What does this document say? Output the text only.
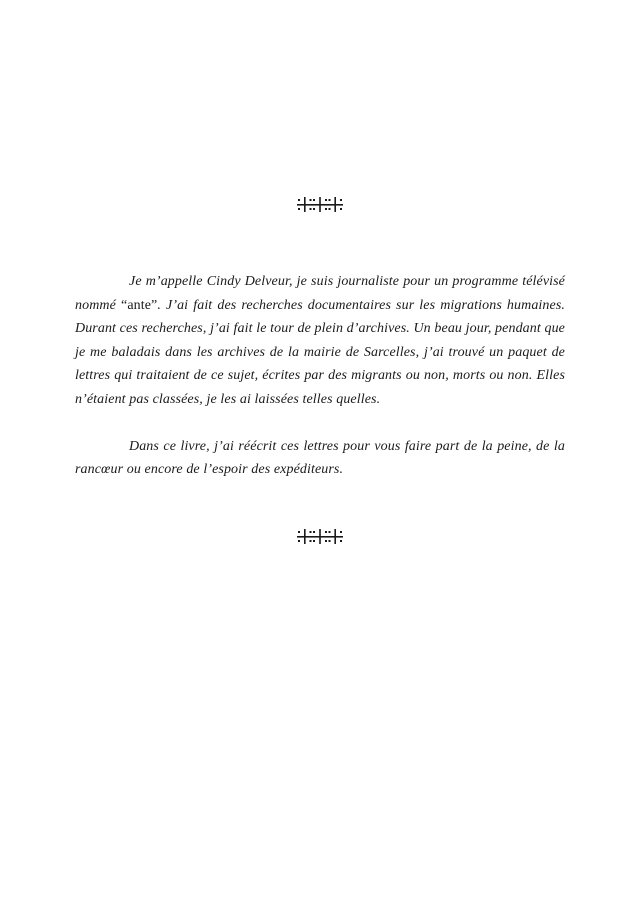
Je m’appelle Cindy Delveur, je suis journaliste pour un programme télévisé nommé “ante”. J’ai fait des recherches documentaires sur les migrations humaines. Durant ces recherches, j’ai fait le tour de plein d’archives. Un beau jour, pendant que je me baladais dans les archives de la mairie de Sarcelles, j’ai trouvé un paquet de lettres qui traitaient de ce sujet, écrites par des migrants ou non, morts ou non. Elles n’étaient pas classées, je les ai laissées telles quelles.

Dans ce livre, j’ai réécrit ces lettres pour vous faire part de la peine, de la rancœur ou encore de l’espoir des expéditeurs.
